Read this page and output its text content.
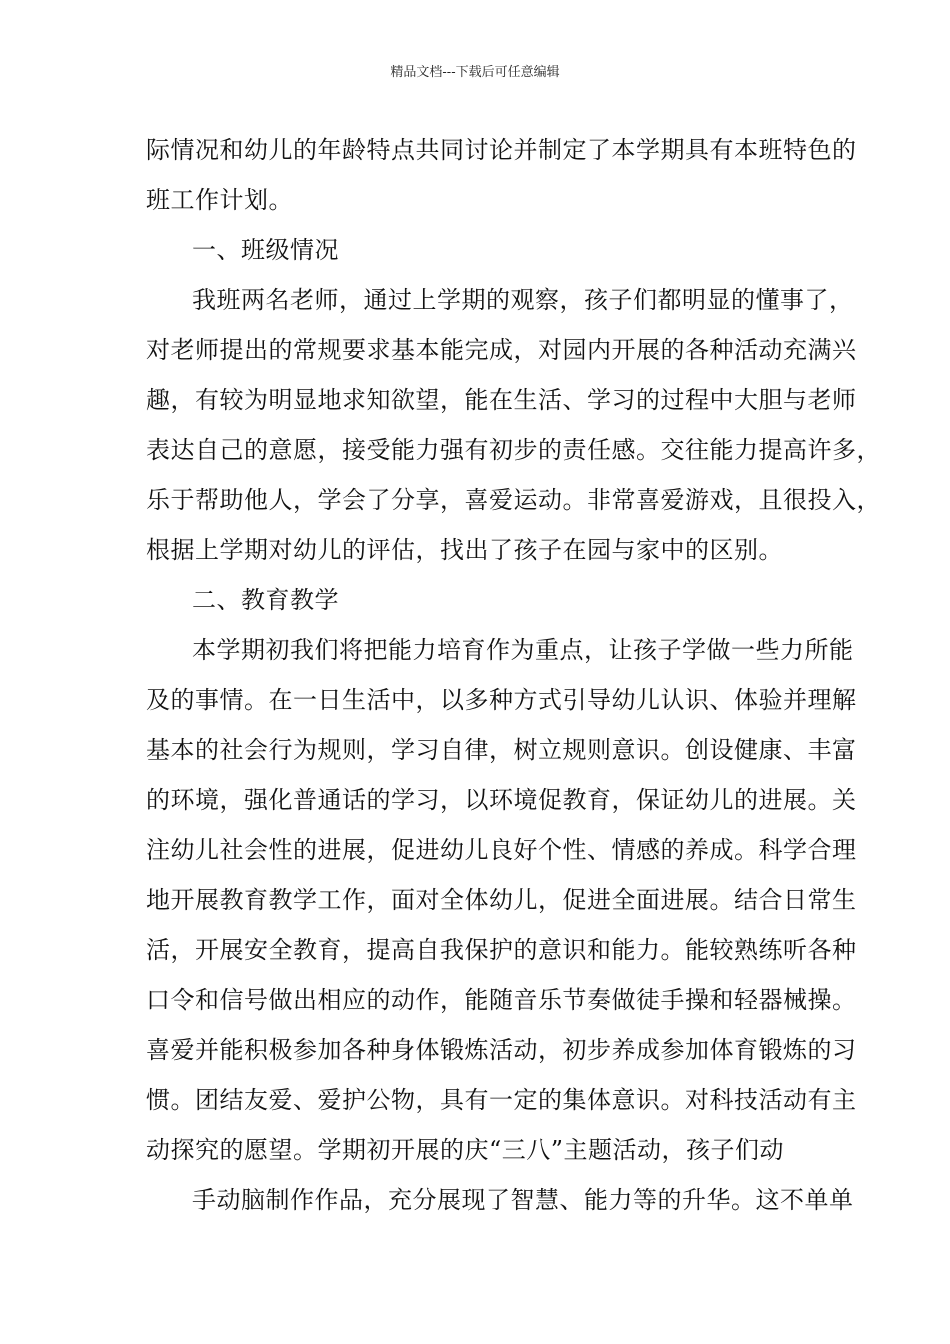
精品文档---下载后可任意编辑
际情况和幼儿的年龄特点共同讨论并制定了本学期具有本班特色的
班工作计划。
一、班级情况
我班两名老师，通过上学期的观察，孩子们都明显的懂事了，
对老师提出的常规要求基本能完成，对园内开展的各种活动充满兴
趣，有较为明显地求知欲望，能在生活、学习的过程中大胆与老师
表达自己的意愿，接受能力强有初步的责任感。交往能力提高许多，
乐于帮助他人，学会了分享，喜爱运动。非常喜爱游戏，且很投入，
根据上学期对幼儿的评估，找出了孩子在园与家中的区别。
二、教育教学
本学期初我们将把能力培育作为重点，让孩子学做一些力所能
及的事情。在一日生活中，以多种方式引导幼儿认识、体验并理解
基本的社会行为规则，学习自律，树立规则意识。创设健康、丰富
的环境，强化普通话的学习，以环境促教育，保证幼儿的进展。关
注幼儿社会性的进展，促进幼儿良好个性、情感的养成。科学合理
地开展教育教学工作，面对全体幼儿，促进全面进展。结合日常生
活，开展安全教育，提高自我保护的意识和能力。能较熟练听各种
口令和信号做出相应的动作，能随音乐节奏做徒手操和轻器械操。
喜爱并能积极参加各种身体锻炼活动，初步养成参加体育锻炼的习
惯。团结友爱、爱护公物，具有一定的集体意识。对科技活动有主
动探究的愿望。学期初开展的庆“三八”主题活动，孩子们动
手动脑制作作品，充分展现了智慧、能力等的升华。这不单单
